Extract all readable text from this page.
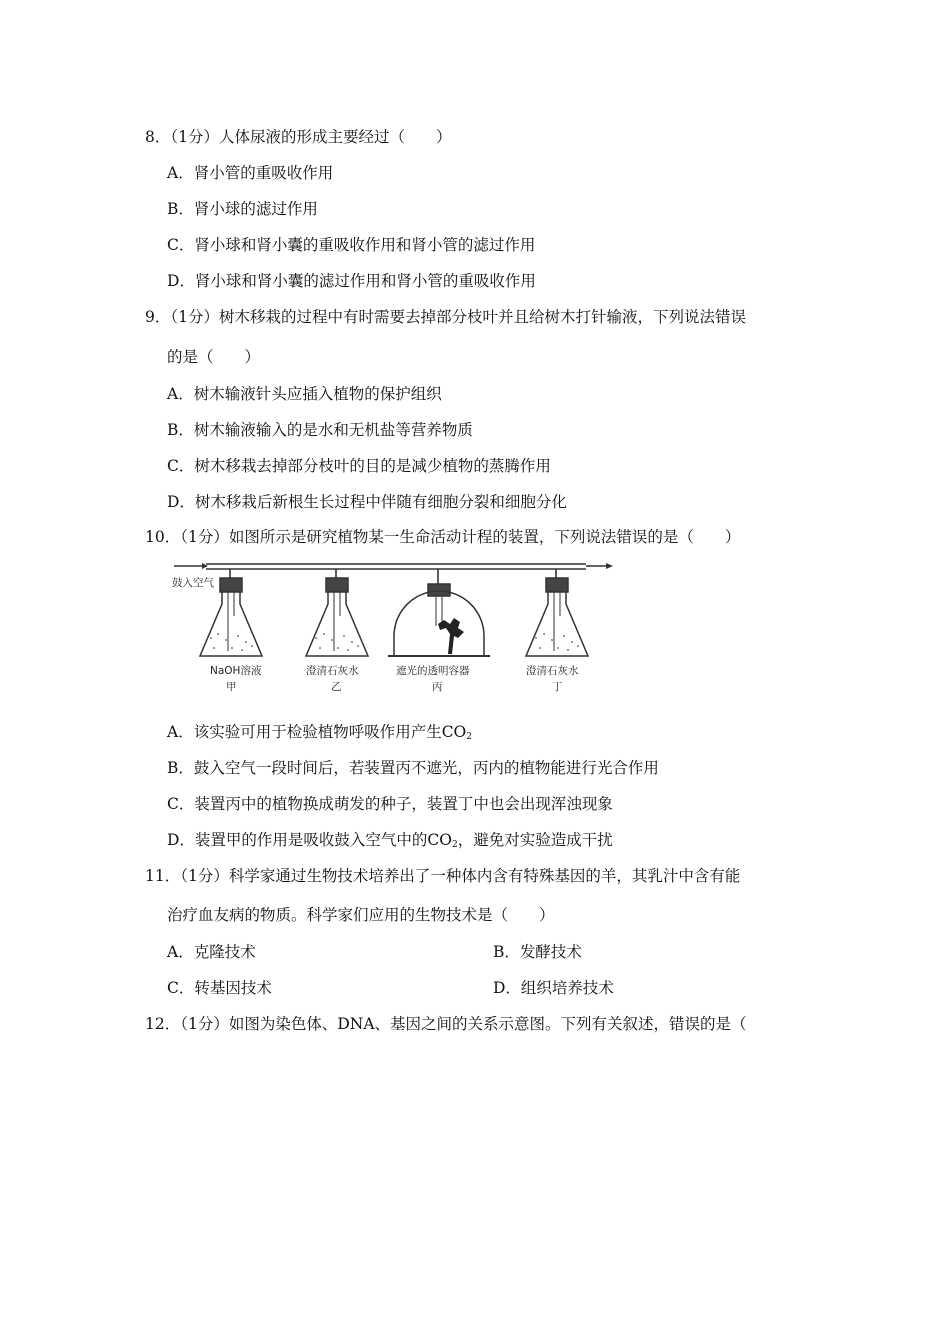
8．（1分）人体尿液的形成主要经过（　　）
A．肾小管的重吸收作用
B．肾小球的滤过作用
C．肾小球和肾小囊的重吸收作用和肾小管的滤过作用
D．肾小球和肾小囊的滤过作用和肾小管的重吸收作用
9．（1分）树木移栽的过程中有时需要去掉部分枝叶并且给树木打针输液，下列说法错误
的是（　　）
A．树木输液针头应插入植物的保护组织
B．树木输液输入的是水和无机盐等营养物质
C．树木移栽去掉部分枝叶的目的是减少植物的蒸腾作用
D．树木移栽后新根生长过程中伴随有细胞分裂和细胞分化
10．（1分）如图所示是研究植物某一生命活动计程的装置，下列说法错误的是（　　）
鼓入空气
NaOH溶液
甲
澄清石灰水
乙
遮光的透明容器
丙
澄清石灰水
丁
A．该实验可用于检验植物呼吸作用产生$CO_2$
B．鼓入空气一段时间后，若装置丙不遮光，丙内的植物能进行光合作用
C．装置丙中的植物换成萌发的种子，装置丁中也会出现浑浊现象
D．装置甲的作用是吸收鼓入空气中的$CO_2$，避免对实验造成干扰
11．（1分）科学家通过生物技术培养出了一种体内含有特殊基因的羊，其乳汁中含有能
治疗血友病的物质。科学家们应用的生物技术是（　　）
A．克隆技术	B．发酵技术
C．转基因技术	D．组织培养技术
12．（1分）如图为染色体、DNA、基因之间的关系示意图。下列有关叙述，错误的是（
